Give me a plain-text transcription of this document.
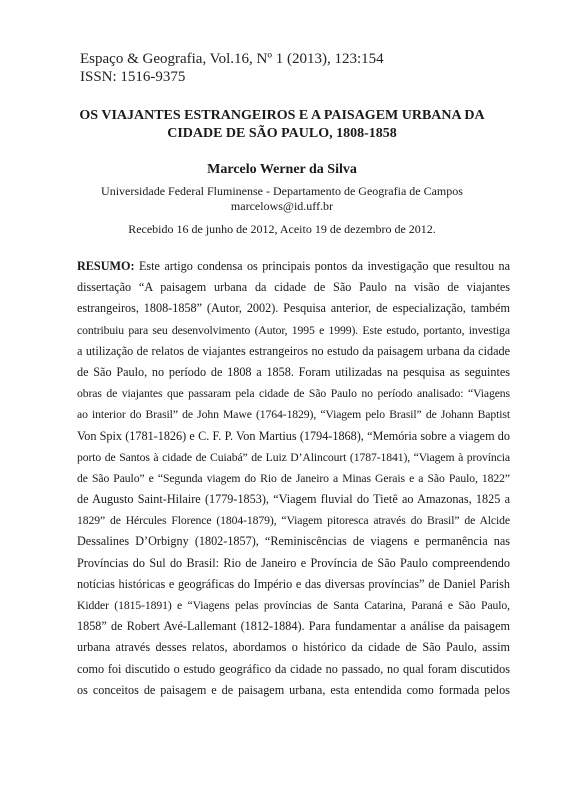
Espaço & Geografia, Vol.16, Nº 1 (2013), 123:154
ISSN: 1516-9375
OS VIAJANTES ESTRANGEIROS E A PAISAGEM URBANA DA
CIDADE DE SÃO PAULO, 1808-1858
Marcelo Werner da Silva
Universidade Federal Fluminense - Departamento de Geografia de Campos
marcelows@id.uff.br
Recebido 16 de junho de 2012, Aceito 19 de dezembro de 2012.
RESUMO: Este artigo condensa os principais pontos da investigação que resultou na
dissertação “A paisagem urbana da cidade de São Paulo na visão de viajantes
estrangeiros, 1808-1858” (Autor, 2002). Pesquisa anterior, de especialização, também
contribuiu para seu desenvolvimento (Autor, 1995 e 1999). Este estudo, portanto, investiga
a utilização de relatos de viajantes estrangeiros no estudo da paisagem urbana da cidade
de São Paulo, no período de 1808 a 1858. Foram utilizadas na pesquisa as seguintes
obras de viajantes que passaram pela cidade de São Paulo no período analisado: “Viagens
ao interior do Brasil” de John Mawe (1764-1829), “Viagem pelo Brasil” de Johann Baptist
Von Spix (1781-1826) e C. F. P. Von Martius (1794-1868), “Memória sobre a viagem do
porto de Santos à cidade de Cuiabá” de Luiz D’Alincourt (1787-1841), “Viagem à província
de São Paulo” e “Segunda viagem do Rio de Janeiro a Minas Gerais e a São Paulo, 1822”
de Augusto Saint-Hilaire (1779-1853), “Viagem fluvial do Tietê ao Amazonas, 1825 a
1829” de Hércules Florence (1804-1879), “Viagem pitoresca através do Brasil” de Alcide
Dessalines D’Orbigny (1802-1857), “Reminiscências de viagens e permanência nas
Províncias do Sul do Brasil: Rio de Janeiro e Província de São Paulo compreendendo
notícias históricas e geográficas do Império e das diversas províncias” de Daniel Parish
Kidder (1815-1891) e “Viagens pelas províncias de Santa Catarina, Paraná e São Paulo,
1858” de Robert Avé-Lallemant (1812-1884). Para fundamentar a análise da paisagem
urbana através desses relatos, abordamos o histórico da cidade de São Paulo, assim
como foi discutido o estudo geográfico da cidade no passado, no qual foram discutidos
os conceitos de paisagem e de paisagem urbana, esta entendida como formada pelos
